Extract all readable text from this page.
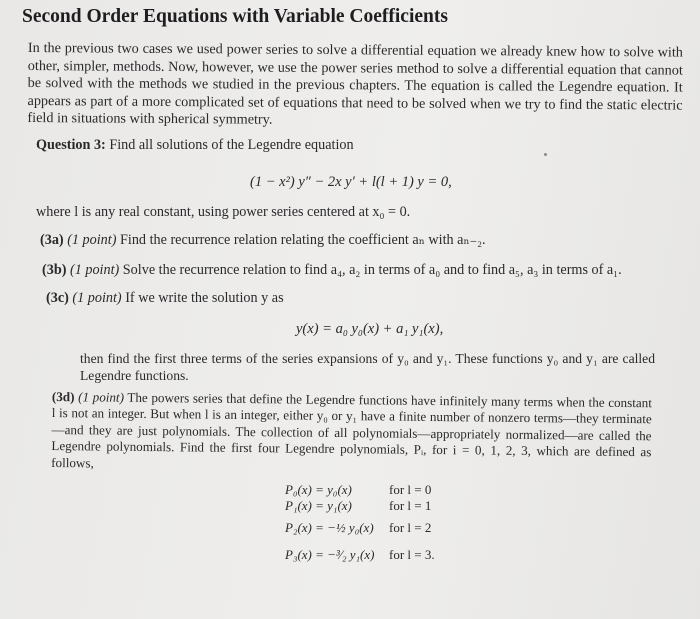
Second Order Equations with Variable Coefficients
In the previous two cases we used power series to solve a differential equation we already knew how to solve with other, simpler, methods. Now, however, we use the power series method to solve a differential equation that cannot be solved with the methods we studied in the previous chapters. The equation is called the Legendre equation. It appears as part of a more complicated set of equations that need to be solved when we try to find the static electric field in situations with spherical symmetry.
Question 3: Find all solutions of the Legendre equation
(1 − x²) y″ − 2x y′ + l(l + 1) y = 0,
where l is any real constant, using power series centered at x₀ = 0.
(3a) (1 point) Find the recurrence relation relating the coefficient aₙ with aₙ₋₂.
(3b) (1 point) Solve the recurrence relation to find a₄, a₂ in terms of a₀ and to find a₅, a₃ in terms of a₁.
(3c) (1 point) If we write the solution y as
y(x) = a₀ y₀(x) + a₁ y₁(x),
then find the first three terms of the series expansions of y₀ and y₁. These functions y₀ and y₁ are called Legendre functions.
(3d) (1 point) The powers series that define the Legendre functions have infinitely many terms when the constant l is not an integer. But when l is an integer, either y₀ or y₁ have a finite number of nonzero terms—they terminate—and they are just polynomials. The collection of all polynomials—appropriately normalized—are called the Legendre polynomials. Find the first four Legendre polynomials, Pᵢ, for i = 0, 1, 2, 3, which are defined as follows,
P₀(x) = y₀(x)	for l = 0
P₁(x) = y₁(x)	for l = 1
P₂(x) = −½ y₀(x) for l = 2
P₃(x) = −³⁄₂ y₁(x) for l = 3.
